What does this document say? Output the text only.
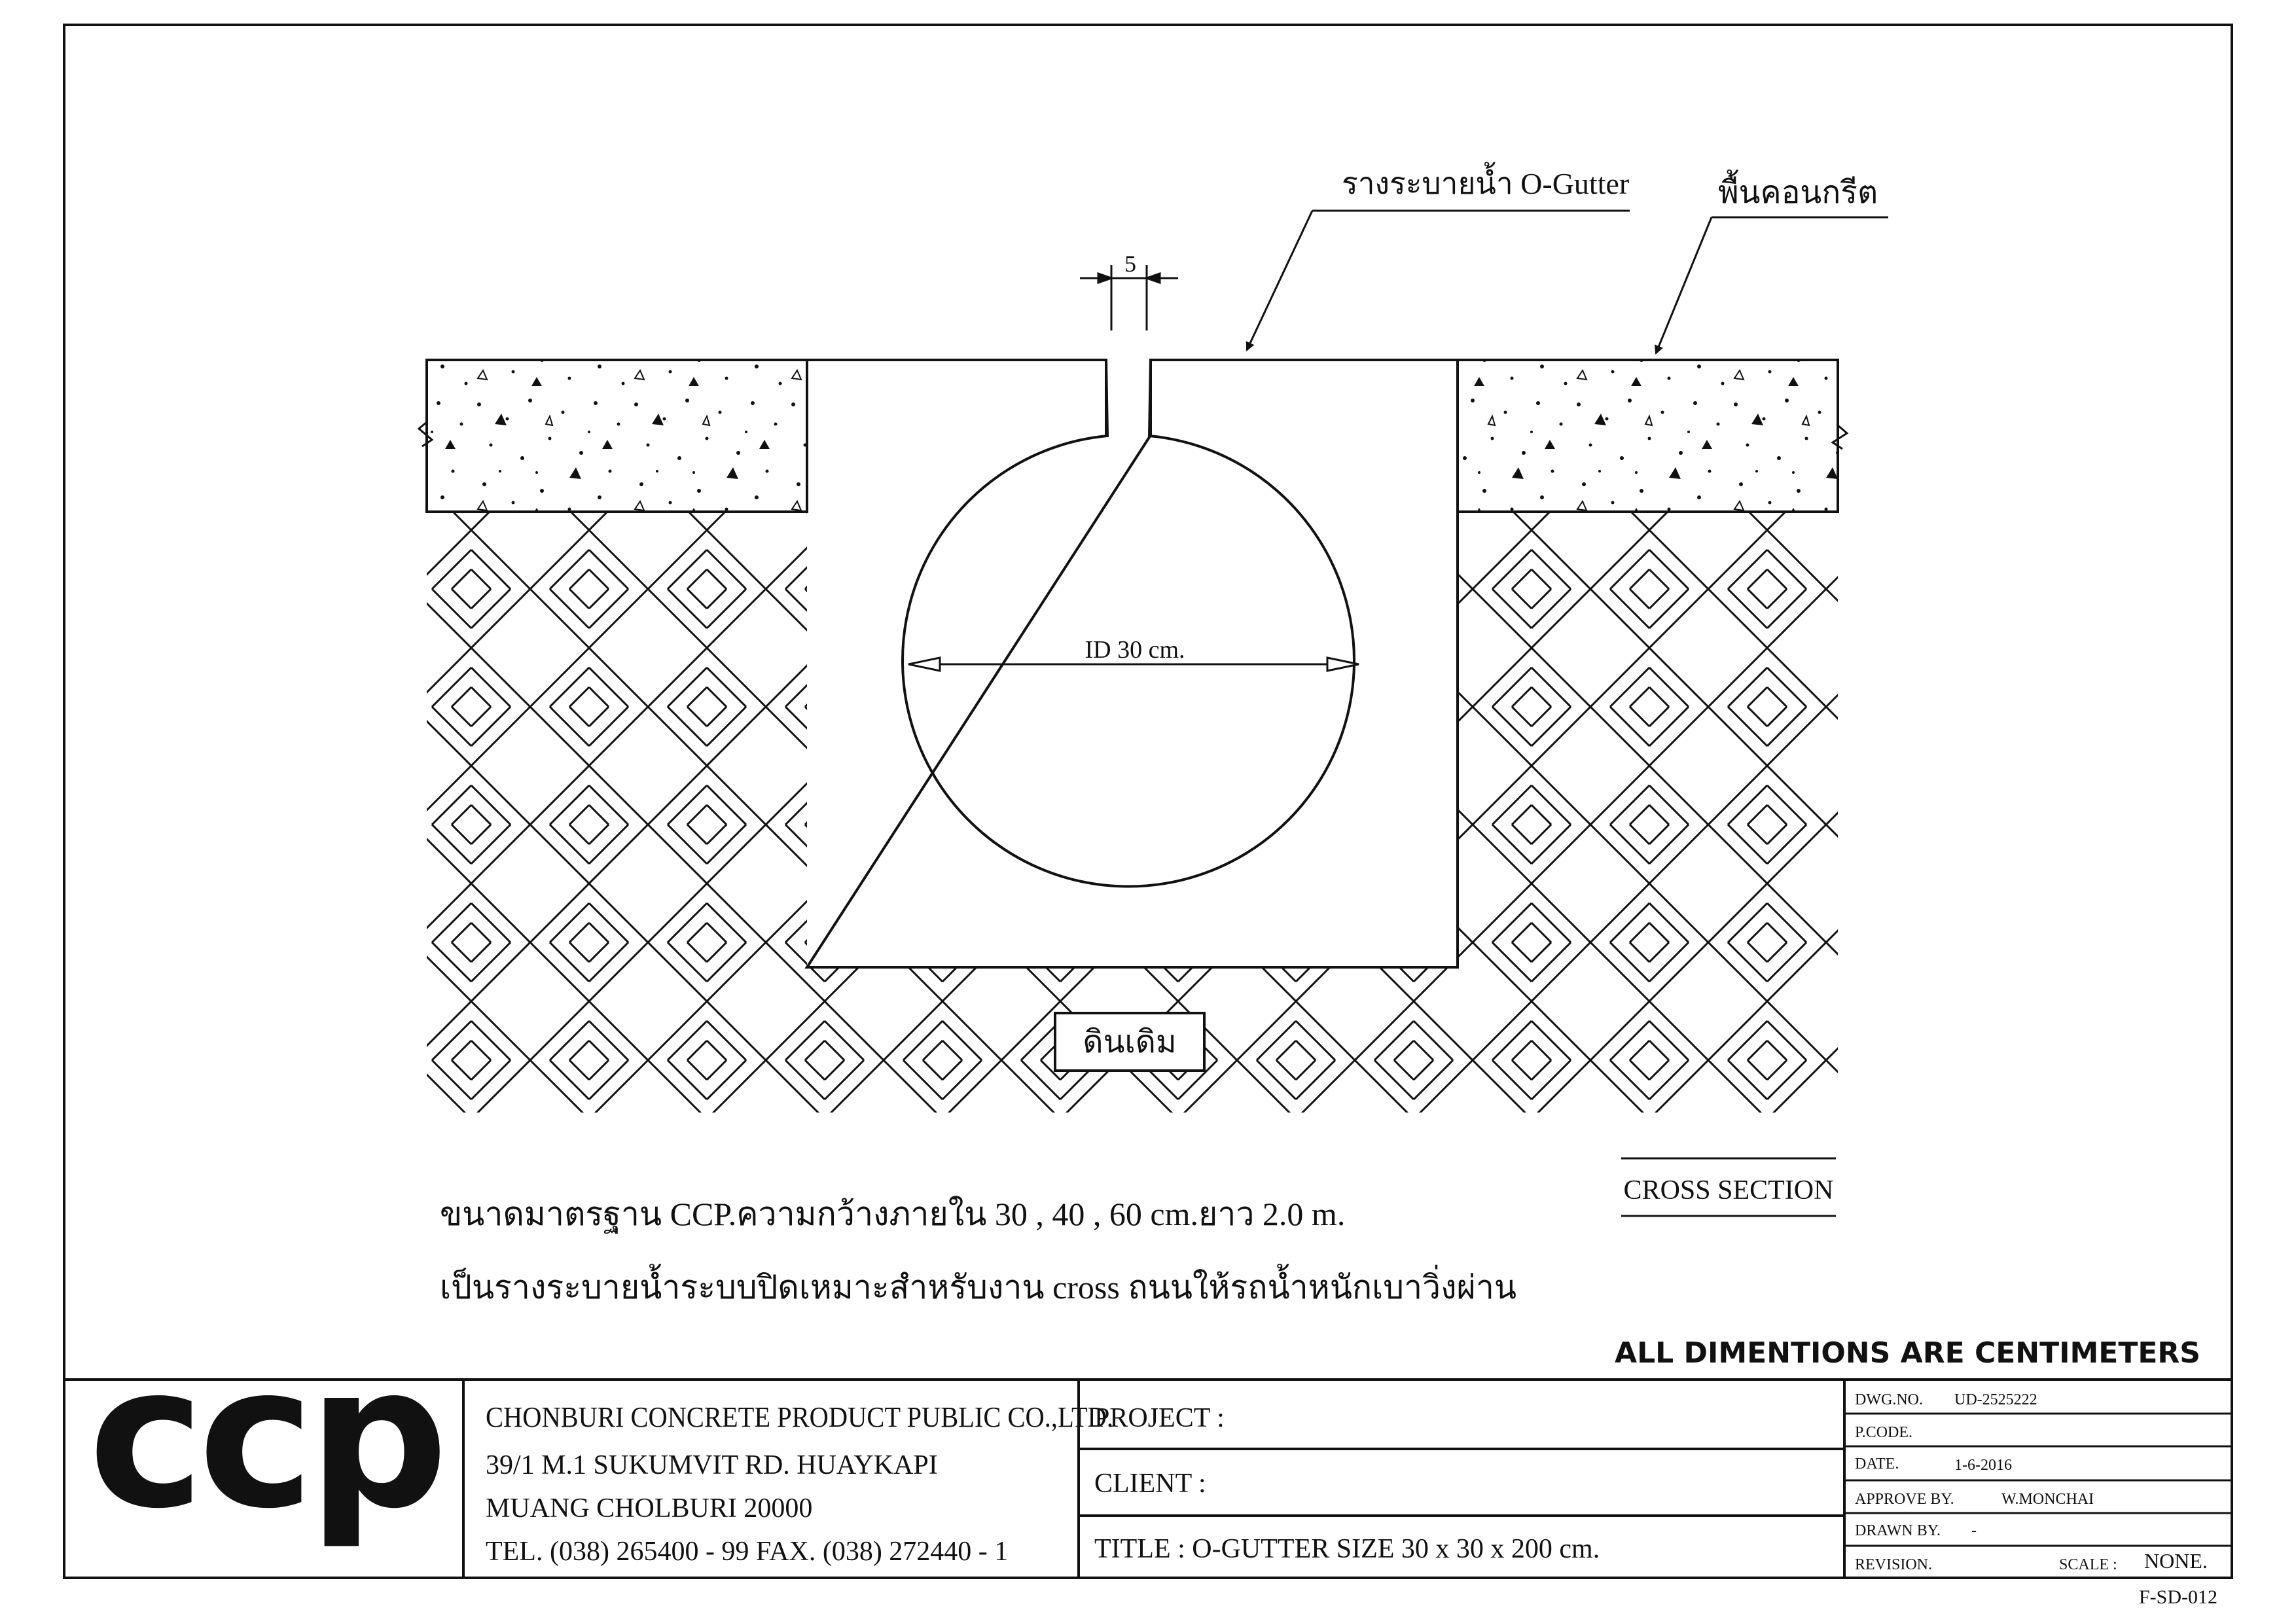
ID 30 cm.
5
รางระบายน้ำ O-Gutter	พื้นคอนกรีต
ดินเดิม
CROSS SECTION
ขนาดมาตรฐาน CCP.ความกว้างภายใน 30 , 40 , 60 cm.ยาว 2.0 m.
เป็นรางระบายน้ำระบบปิดเหมาะสำหรับงาน cross ถนนให้รถน้ำหนักเบาวิ่งผ่าน
ALL DIMENTIONS ARE CENTIMETERS
ccp CHONBURI CONCRETE PRODUCT PUBLIC CO.,LTD.
39/1 M.1 SUKUMVIT RD. HUAYKAPI
MUANG CHOLBURI 20000
TEL. (038) 265400 - 99 FAX. (038) 272440 - 1
PROJECT :
CLIENT :
TITLE : O-GUTTER SIZE 30 x 30 x 200 cm.
DWG.NO. UD-2525222
P.CODE.
DATE.	1-6-2016
APPROVE BY.	W.MONCHAI
DRAWN BY. -
REVISION.	SCALE : NONE.
F-SD-012
